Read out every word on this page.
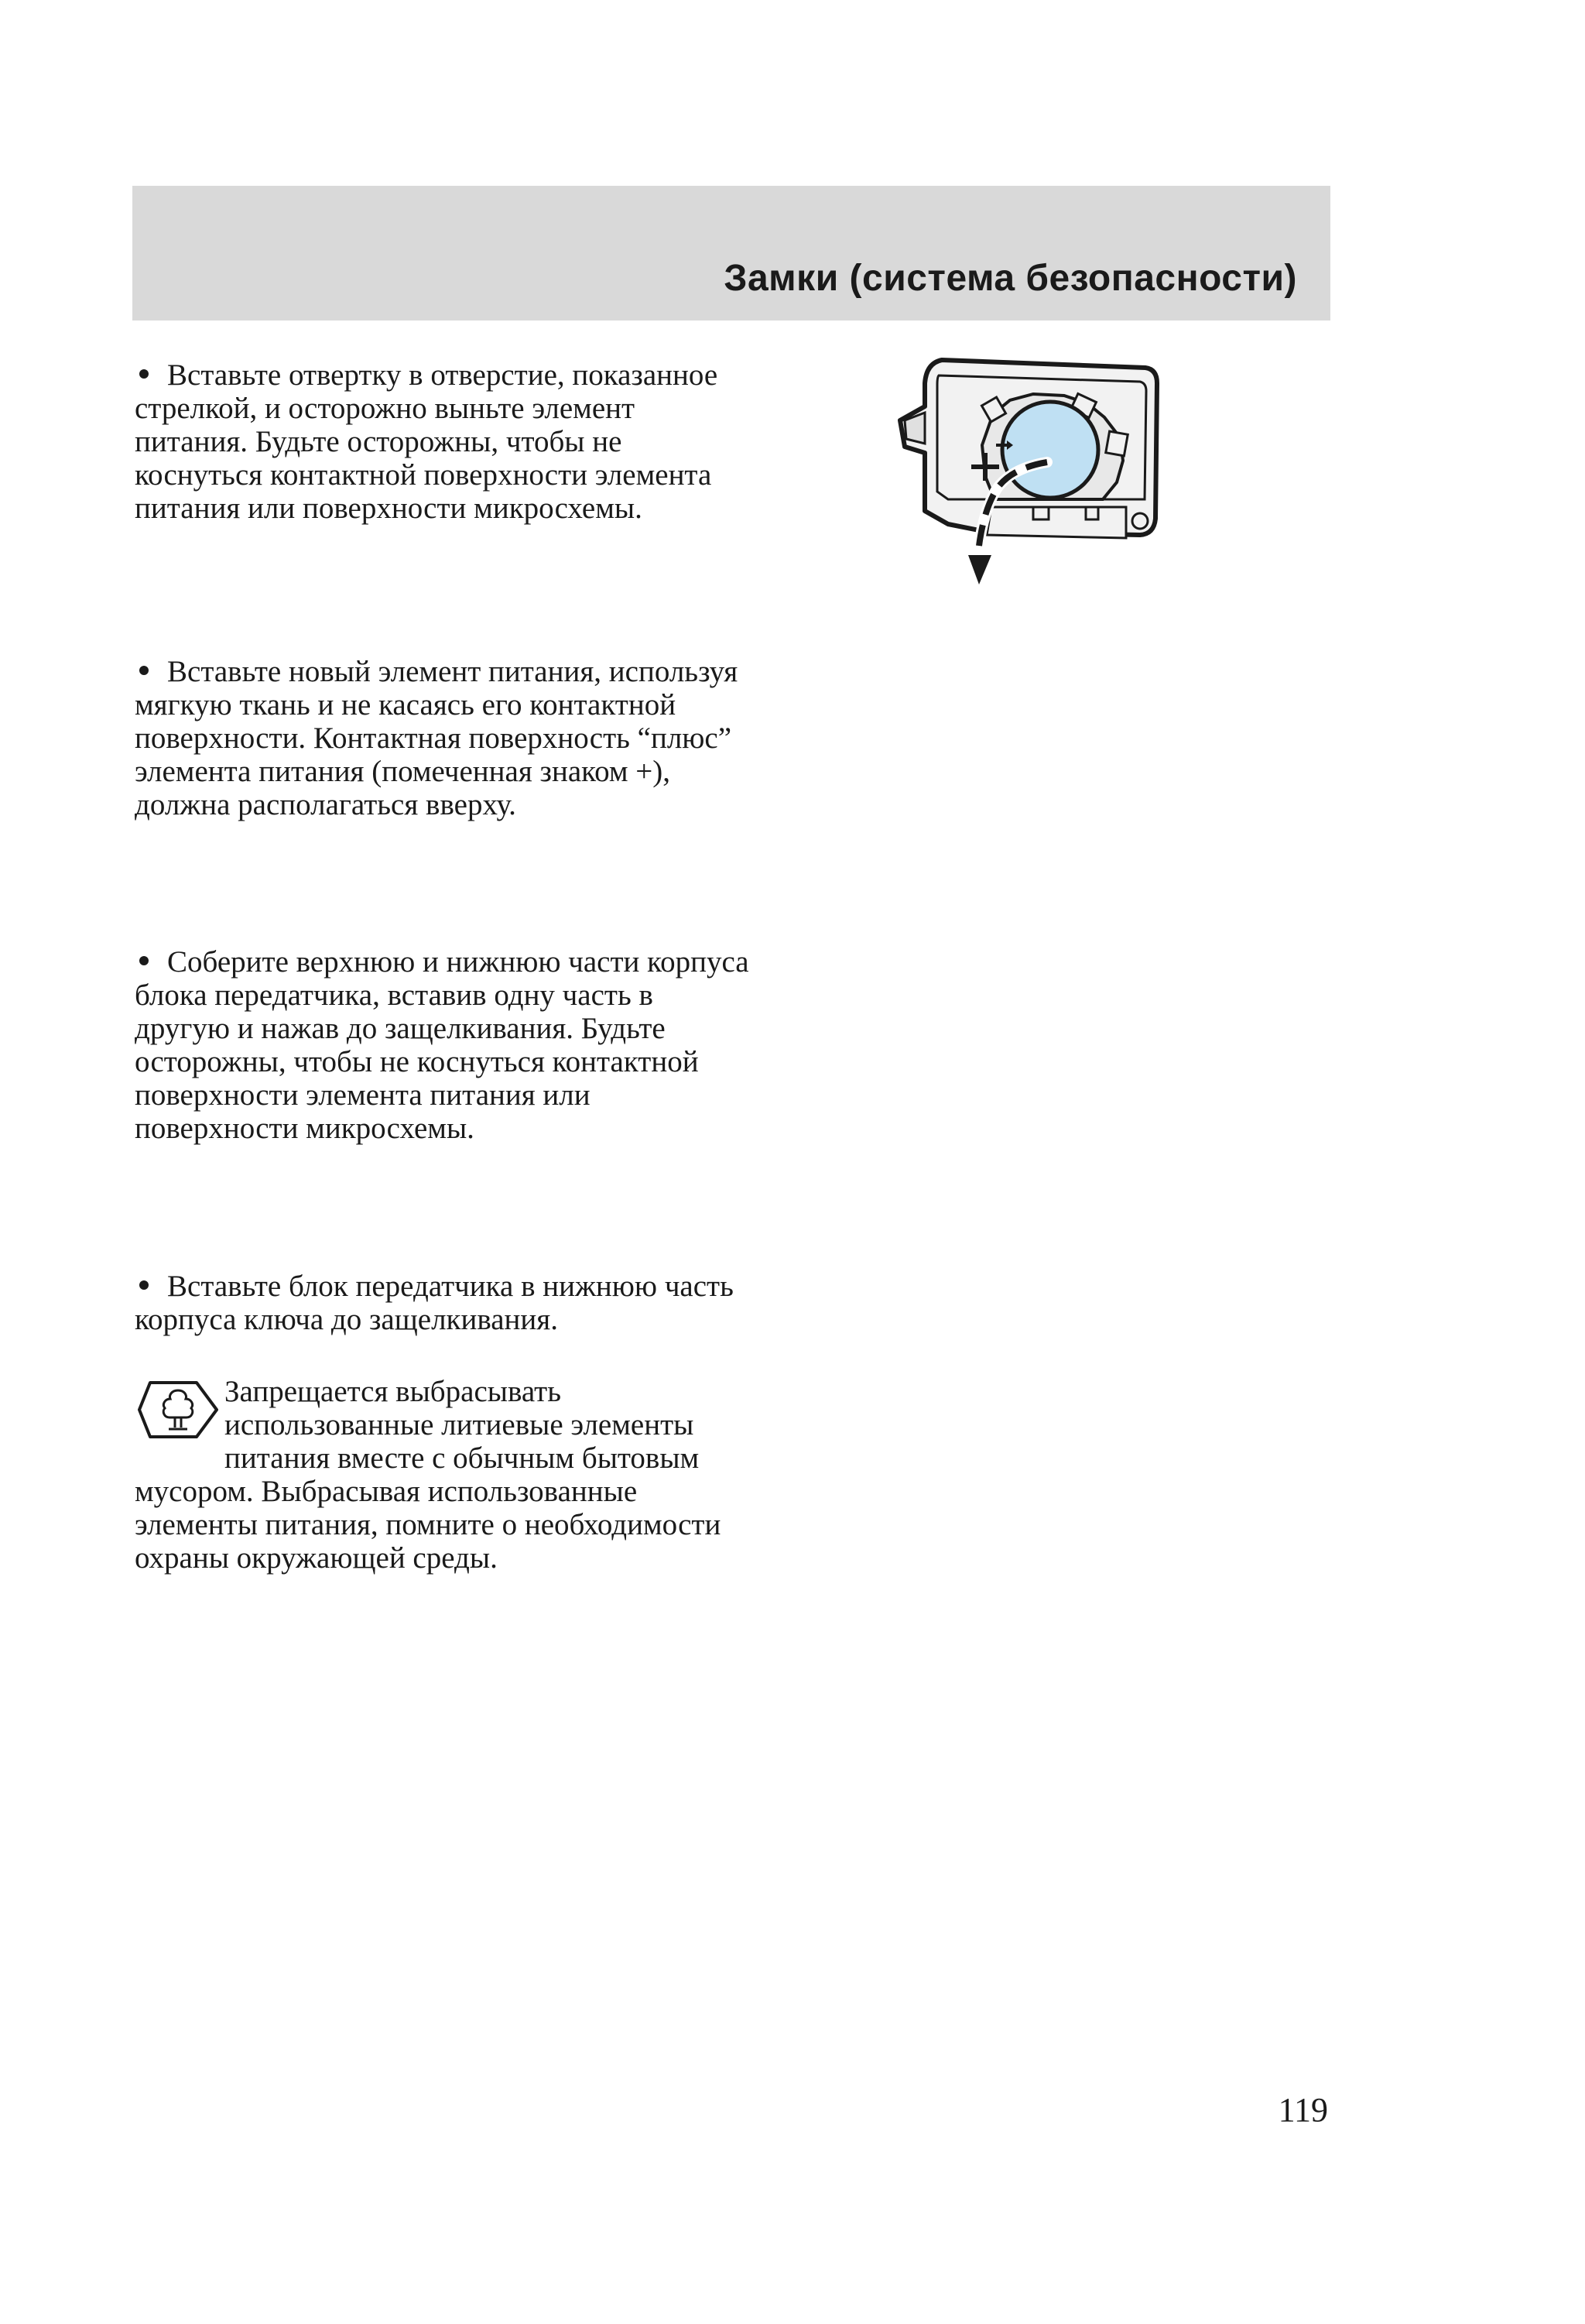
Замки (система безопасности)

Вставьте отвертку в отверстие, показанное стрелкой, и осторожно выньте элемент питания. Будьте осторожны, чтобы не коснуться контактной поверхности элемента питания или поверхности микросхемы.

Вставьте новый элемент питания, используя мягкую ткань и не касаясь его контактной поверхности. Контактная поверхность “плюс” элемента питания (помеченная знаком +), должна располагаться вверху.

Соберите верхнюю и нижнюю части корпуса блока передатчика, вставив одну часть в другую и нажав до защелкивания. Будьте осторожны, чтобы не коснуться контактной поверхности элемента питания или поверхности микросхемы.

Вставьте блок передатчика в нижнюю часть корпуса ключа до защелкивания.

Запрещается выбрасывать использованные литиевые элементы питания вместе с обычным бытовым мусором. Выбрасывая использованные элементы питания, помните о необходимости охраны окружающей среды.

119
